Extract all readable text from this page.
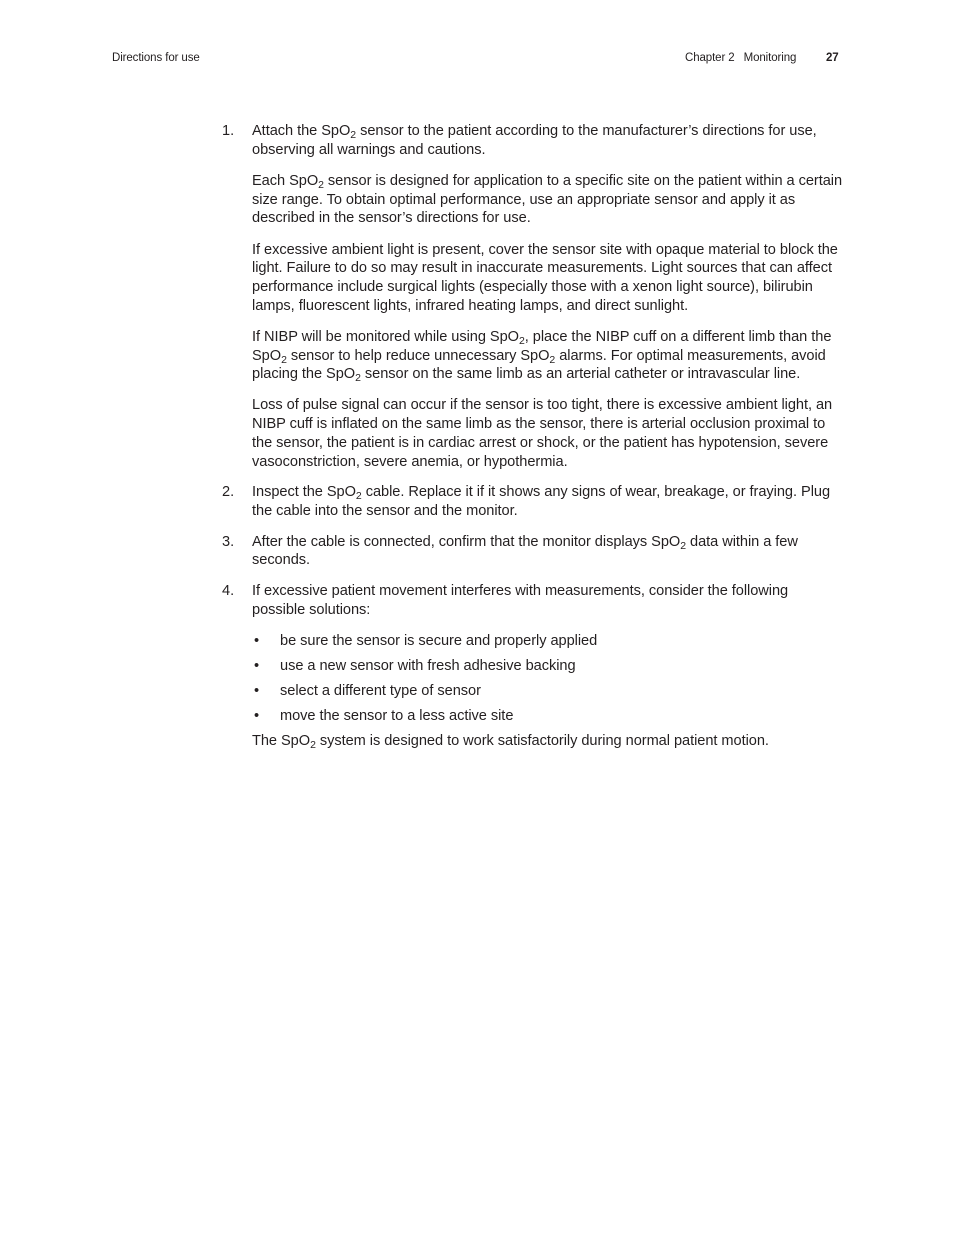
Directions for use	Chapter 2 Monitoring	27
1.	Attach the SpO$_2$ sensor to the patient according to the manufacturer’s directions for use, observing all warnings and cautions.

Each SpO$_2$ sensor is designed for application to a specific site on the patient within a certain size range. To obtain optimal performance, use an appropriate sensor and apply it as described in the sensor’s directions for use.

If excessive ambient light is present, cover the sensor site with opaque material to block the light. Failure to do so may result in inaccurate measurements. Light sources that can affect performance include surgical lights (especially those with a xenon light source), bilirubin lamps, fluorescent lights, infrared heating lamps, and direct sunlight.

If NIBP will be monitored while using SpO$_2$, place the NIBP cuff on a different limb than the SpO$_2$ sensor to help reduce unnecessary SpO$_2$ alarms. For optimal measurements, avoid placing the SpO$_2$ sensor on the same limb as an arterial catheter or intravascular line.

Loss of pulse signal can occur if the sensor is too tight, there is excessive ambient light, an NIBP cuff is inflated on the same limb as the sensor, there is arterial occlusion proximal to the sensor, the patient is in cardiac arrest or shock, or the patient has hypotension, severe vasoconstriction, severe anemia, or hypothermia.

2.	Inspect the SpO$_2$ cable. Replace it if it shows any signs of wear, breakage, or fraying. Plug the cable into the sensor and the monitor.

3.	After the cable is connected, confirm that the monitor displays SpO$_2$ data within a few seconds.

4.	If excessive patient movement interferes with measurements, consider the following possible solutions:

• be sure the sensor is secure and properly applied
• use a new sensor with fresh adhesive backing
• select a different type of sensor
• move the sensor to a less active site

The SpO$_2$ system is designed to work satisfactorily during normal patient motion.
